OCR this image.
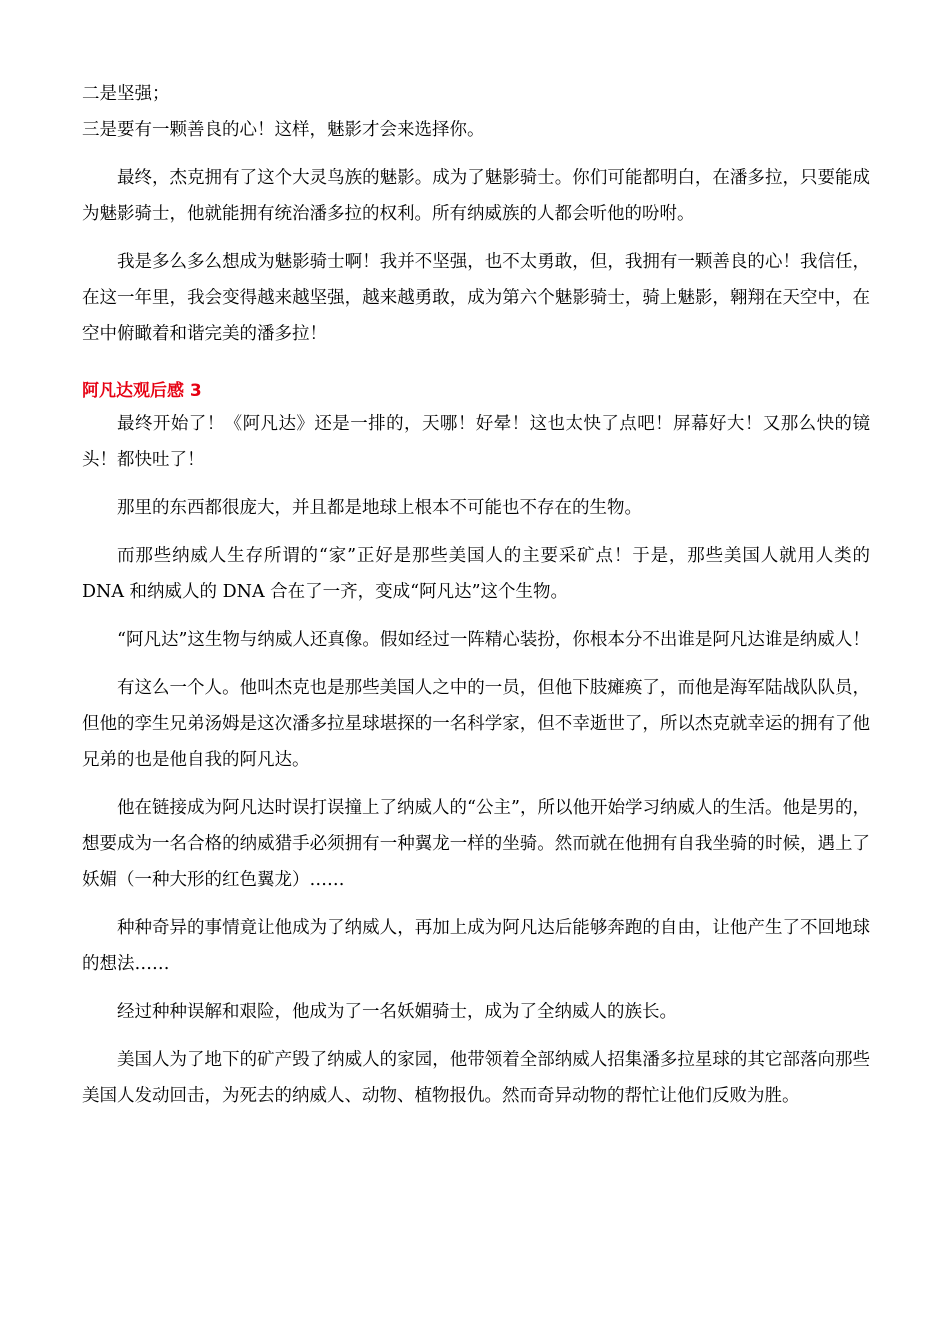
二是坚强；

三是要有一颗善良的心！这样，魅影才会来选择你。

最终，杰克拥有了这个大灵鸟族的魅影。成为了魅影骑士。你们可能都明白，在潘多拉，只要能成为魅影骑士，他就能拥有统治潘多拉的权利。所有纳威族的人都会听他的吩咐。

我是多么多么想成为魅影骑士啊！我并不坚强，也不太勇敢，但，我拥有一颗善良的心！我信任，在这一年里，我会变得越来越坚强，越来越勇敢，成为第六个魅影骑士，骑上魅影，翱翔在天空中，在空中俯瞰着和谐完美的潘多拉！

阿凡达观后感 3

最终开始了！《阿凡达》还是一排的，天哪！好晕！这也太快了点吧！屏幕好大！又那么快的镜头！都快吐了！

那里的东西都很庞大，并且都是地球上根本不可能也不存在的生物。

而那些纳威人生存所谓的“家”正好是那些美国人的主要采矿点！于是，那些美国人就用人类的 DNA 和纳威人的 DNA 合在了一齐，变成“阿凡达”这个生物。

“阿凡达”这生物与纳威人还真像。假如经过一阵精心装扮，你根本分不出谁是阿凡达谁是纳威人！

有这么一个人。他叫杰克也是那些美国人之中的一员，但他下肢瘫痪了，而他是海军陆战队队员，但他的孪生兄弟汤姆是这次潘多拉星球堪探的一名科学家，但不幸逝世了，所以杰克就幸运的拥有了他兄弟的也是他自我的阿凡达。

他在链接成为阿凡达时误打误撞上了纳威人的“公主”，所以他开始学习纳威人的生活。他是男的，想要成为一名合格的纳威猎手必须拥有一种翼龙一样的坐骑。然而就在他拥有自我坐骑的时候，遇上了妖媚（一种大形的红色翼龙）……

种种奇异的事情竟让他成为了纳威人，再加上成为阿凡达后能够奔跑的自由，让他产生了不回地球的想法……

经过种种误解和艰险，他成为了一名妖媚骑士，成为了全纳威人的族长。

美国人为了地下的矿产毁了纳威人的家园，他带领着全部纳威人招集潘多拉星球的其它部落向那些美国人发动回击，为死去的纳威人、动物、植物报仇。然而奇异动物的帮忙让他们反败为胜。
